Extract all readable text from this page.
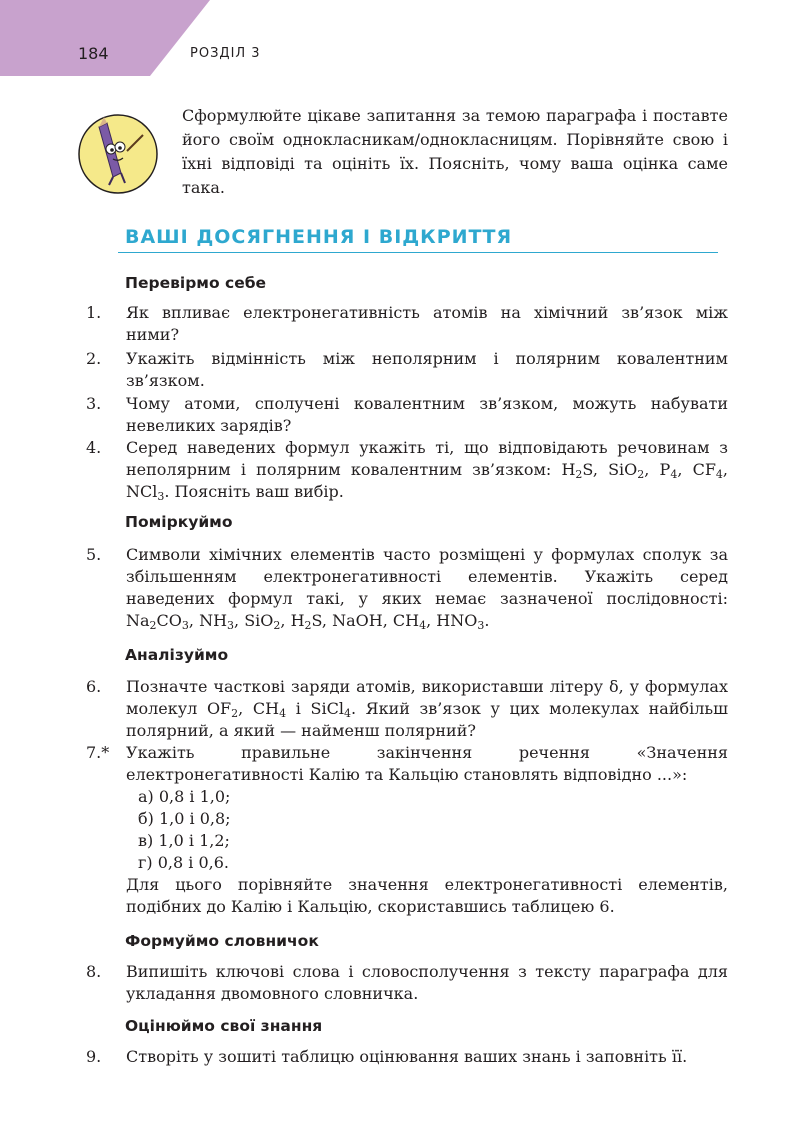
184	РОЗДІЛ 3

Сформулюйте цікаве запитання за темою параграфа і поставте його своїм однокласникам/однокласницям. Порівняйте свою і їхні відповіді та оцініть їх. Поясніть, чому ваша оцінка саме така.

ВАШІ ДОСЯГНЕННЯ І ВІДКРИТТЯ
Перевірмо себе
1. Як впливає електронегативність атомів на хімічний зв’язок між ними?
2. Укажіть відмінність між неполярним і полярним ковалентним зв’язком.
3. Чому атоми, сполучені ковалентним зв’язком, можуть набувати невеликих зарядів?
4. Серед наведених формул укажіть ті, що відповідають речовинам з неполярним і полярним ковалентним зв’язком: $H_2S$, SiO$_2$, $P_4$, $CF_4$, NCl$_3$. Поясніть ваш вибір.
Поміркуймо
5. Символи хімічних елементів часто розміщені у формулах сполук за збільшенням електронегативності елементів. Укажіть серед наведених формул такі, у яких немає зазначеної послідовності: $Na_2CO_3$, $NH_3$, SiO$_2$, $H_2S$, NaOH, $CH_4$, $HNO_3$.
Аналізуймо
6. Позначте часткові заряди атомів, використавши літеру δ, у формулах молекул $OF_2$, $CH_4$ і SiCl$_4$. Який зв’язок у цих молекулах найбільш полярний, а який — найменш полярний?
7.* Укажіть правильне закінчення речення «Значення електронегативності Калію та Кальцію становлять відповідно ...»:
а) 0,8 і 1,0;
б) 1,0 і 0,8;
в) 1,0 і 1,2;
г) 0,8 і 0,6.
Для цього порівняйте значення електронегативності елементів, подібних до Калію і Кальцію, скориставшись таблицею 6.
Формуймо словничок
8. Випишіть ключові слова і словосполучення з тексту параграфа для укладання двомовного словничка.
Оцінюймо свої знання
9. Створіть у зошиті таблицю оцінювання ваших знань і заповніть її.
